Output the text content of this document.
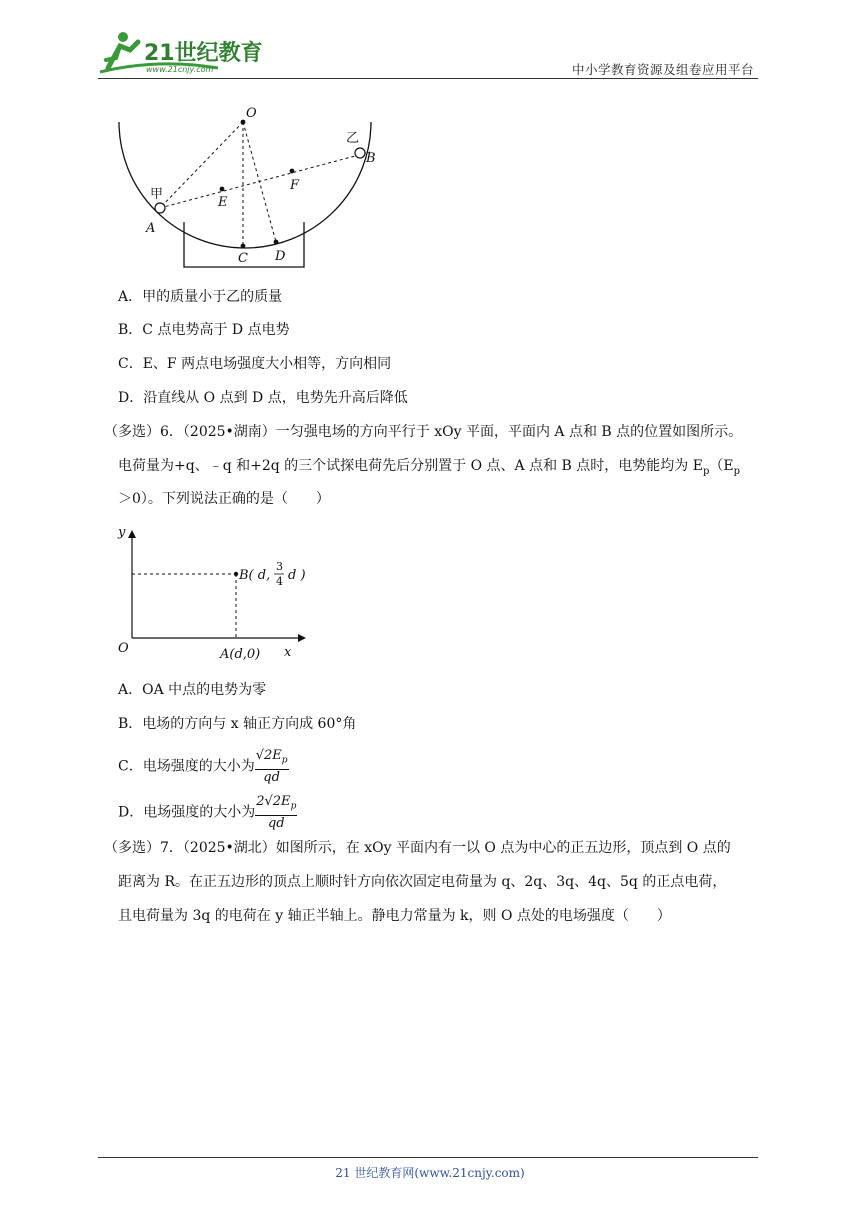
21世纪教育
www.21cnjy.com	中小学教育资源及组卷应用平台
O
B
A
C D
E
F
甲
乙
A．甲的质量小于乙的质量
B．C 点电势高于 D 点电势
C．E、F 两点电场强度大小相等，方向相同
D．沿直线从 O 点到 D 点，电势先升高后降低
（多选）6．（2025•湖南）一匀强电场的方向平行于 xOy 平面，平面内 A 点和 B 点的位置如图所示。
电荷量为+q、﹣q 和+2q 的三个试探电荷先后分别置于 O 点、A 点和 B 点时，电势能均为 $E_p(E_p$
＞0）。下列说法正确的是（　　）
y
x
O	A(d,0)
B( d,
3
4 d )
A．OA 中点的电势为零
B．电场的方向与 x 轴正方向成 60°角
C．电场强度的大小为 $\frac{√2E_p}{qd}$
D．电场强度的大小为 $\frac{2√2E_p}{qd}$
（多选）7．（2025•湖北）如图所示，在 xOy 平面内有一以 O 点为中心的正五边形，顶点到 O 点的
距离为 R。在正五边形的顶点上顺时针方向依次固定电荷量为 q、2q、3q、4q、5q 的正点电荷，
且电荷量为 3q 的电荷在 y 轴正半轴上。静电力常量为 k，则 O 点处的电场强度（　　）
21 世纪教育网(www.21cnjy.com)
